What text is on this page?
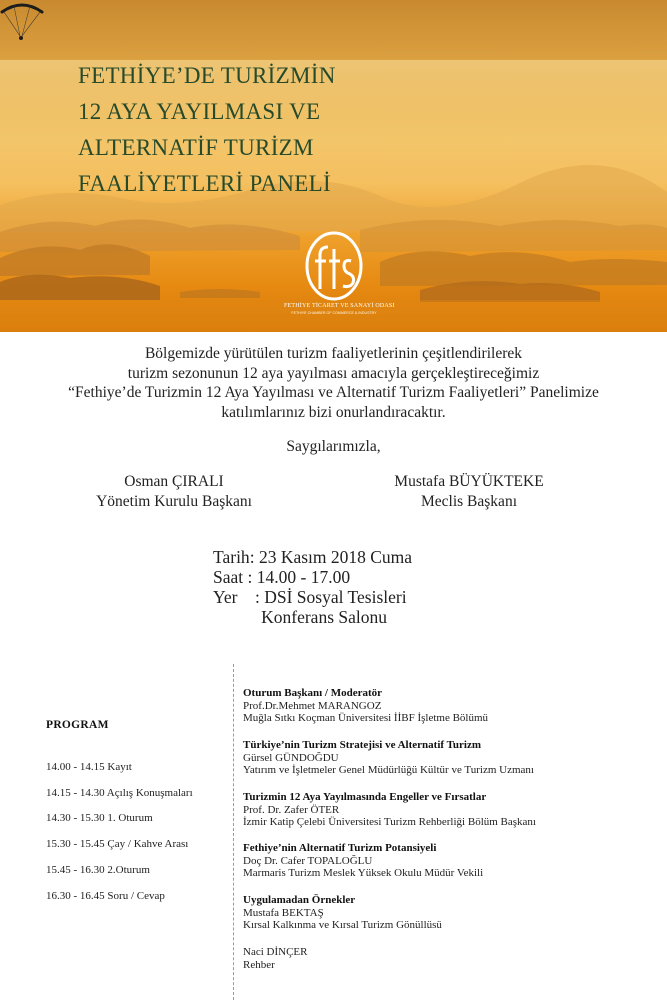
FETHİYE’DE TURİZMİN
12 AYA YAYILMASI VE
ALTERNATİF TURİZM
FAALİYETLERİ PANELİ
FETHİYE TİCARET VE SANAYİ ODASI
FETHIYE CHAMBER OF COMMERCE & INDUSTRY

Bölgemizde yürütülen turizm faaliyetlerinin çeşitlendirilerek

turizm sezonunun 12 aya yayılması amacıyla gerçekleştireceğimiz

“Fethiye’de Turizmin 12 Aya Yayılması ve Alternatif Turizm Faaliyetleri” Panelimize

katılımlarınız bizi onurlandıracaktır.

Saygılarımızla,
Osman ÇIRALI
Yönetim Kurulu Başkanı
Mustafa BÜYÜKTEKE
Meclis Başkanı
Tarih: 23 Kasım 2018 Cuma
Saat : 14.00 - 17.00
Yer    : DSİ Sosyal Tesisleri
Konferans Salonu
PROGRAM
14.00 - 14.15 Kayıt
14.15 - 14.30 Açılış Konuşmaları
14.30 - 15.30 1. Oturum
15.30 - 15.45 Çay / Kahve Arası
15.45 - 16.30 2.Oturum
16.30 - 16.45 Soru / Cevap
Oturum Başkanı / Moderatör
Prof.Dr.Mehmet MARANGOZ
Muğla Sıtkı Koçman Üniversitesi İİBF İşletme Bölümü
Türkiye’nin Turizm Stratejisi ve Alternatif Turizm
Gürsel GÜNDOĞDU
Yatırım ve İşletmeler Genel Müdürlüğü Kültür ve Turizm Uzmanı
Turizmin 12 Aya Yayılmasında Engeller ve Fırsatlar
Prof. Dr. Zafer ÖTER
İzmir Katip Çelebi Üniversitesi Turizm Rehberliği Bölüm Başkanı
Fethiye’nin Alternatif Turizm Potansiyeli
Doç Dr. Cafer TOPALOĞLU
Marmaris Turizm Meslek Yüksek Okulu Müdür Vekili
Uygulamadan Örnekler
Mustafa BEKTAŞ
Kırsal Kalkınma ve Kırsal Turizm Gönüllüsü
Naci DİNÇER
Rehber
